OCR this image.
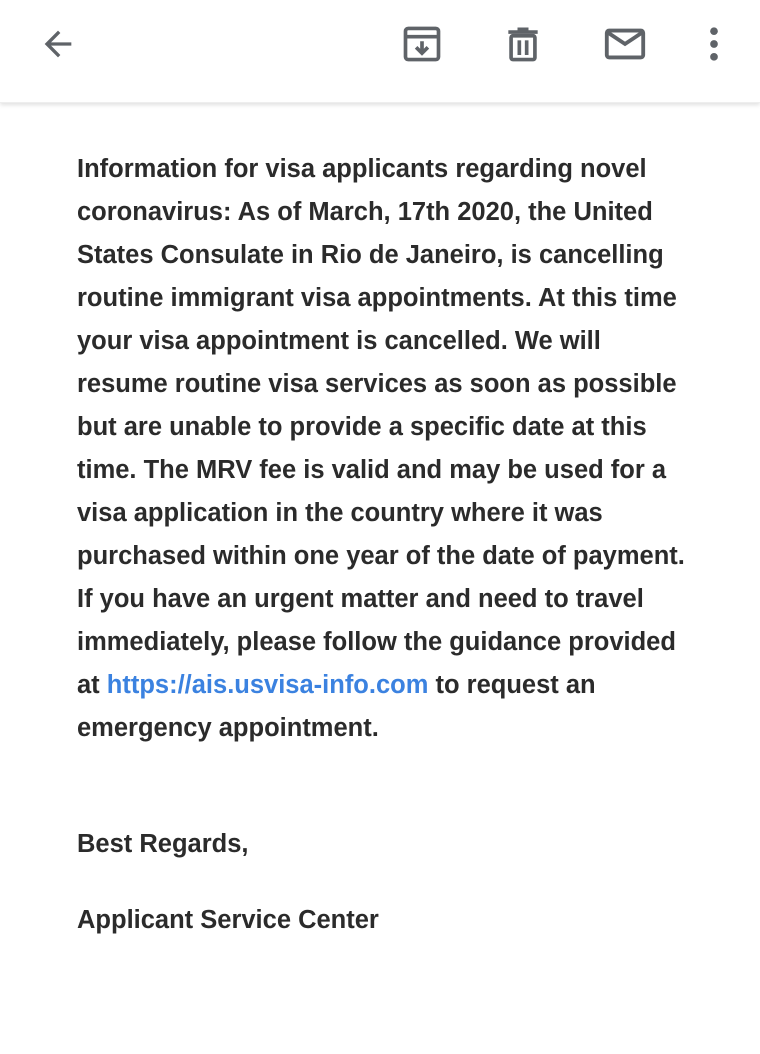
Information for visa applicants regarding novel coronavirus: As of March, 17th 2020, the United States Consulate in Rio de Janeiro, is cancelling routine immigrant visa appointments. At this time your visa appointment is cancelled. We will resume routine visa services as soon as possible but are unable to provide a specific date at this time. The MRV fee is valid and may be used for a visa application in the country where it was purchased within one year of the date of payment. If you have an urgent matter and need to travel immediately, please follow the guidance provided at https://ais.usvisa-info.com to request an emergency appointment.

Best Regards,
Applicant Service Center
